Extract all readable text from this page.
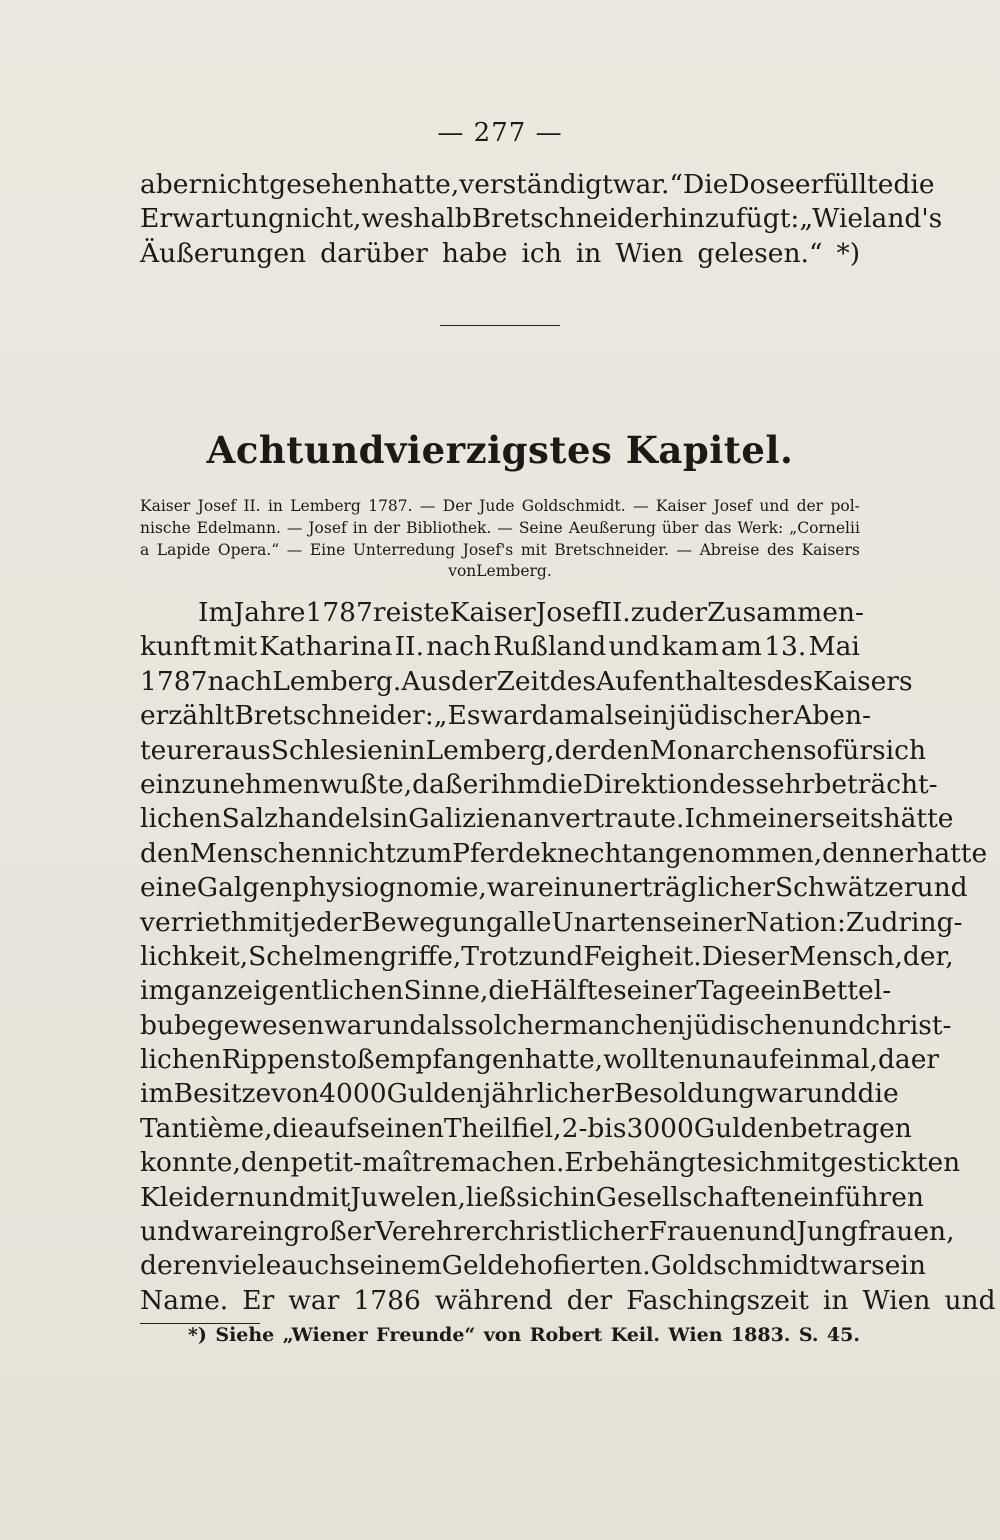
— 277 —
aber nicht gesehen hatte, verständigt war.“ Die Dose erfüllte die
Erwartung nicht, weshalb Bretschneider hinzufügt: „Wieland's
Äußerungen darüber habe ich in Wien gelesen.“ *)
Achtundvierzigstes Kapitel.
Kaiser Josef II. in Lemberg 1787. — Der Jude Goldschmidt. — Kaiser Josef und der pol-
nische Edelmann. — Josef in der Bibliothek. — Seine Aeußerung über das Werk: „Cornelii
a Lapide Opera.“ — Eine Unterredung Josef's mit Bretschneider. — Abreise des Kaisers
von Lemberg.
Im Jahre 1787 reiste Kaiser Josef II. zu der Zusammen-
kunft mit Katharina II. nach Rußland und kam am 13. Mai
1787 nach Lemberg. Aus der Zeit des Aufenthaltes des Kaisers
erzählt Bretschneider: „Es war damals ein jüdischer Aben-
teurer aus Schlesien in Lemberg, der den Monarchen so für sich
einzunehmen wußte, daß er ihm die Direktion des sehr beträcht-
lichen Salzhandels in Galizien anvertraute. Ich meinerseits hätte
den Menschen nicht zum Pferdeknecht angenommen, denn er hatte
eine Galgenphysiognomie, war ein unerträglicher Schwätzer und
verrieth mit jeder Bewegung alle Unarten seiner Nation: Zudring-
lichkeit, Schelmengriffe, Trotz und Feigheit. Dieser Mensch, der,
im ganz eigentlichen Sinne, die Hälfte seiner Tage ein Bettel-
bube gewesen war und als solcher manchen jüdischen und christ-
lichen Rippenstoß empfangen hatte, wollte nun auf einmal, da er
im Besitze von 4000 Gulden jährlicher Besoldung war und die
Tantième, die auf seinen Theil fiel, 2- bis 3000 Gulden betragen
konnte, den petit-maître machen. Er behängte sich mit gestickten
Kleidern und mit Juwelen, ließ sich in Gesellschaften einführen
und war ein großer Verehrer christlicher Frauen und Jungfrauen,
deren viele auch seinem Gelde hofierten. Goldschmidt war sein
Name. Er war 1786 während der Faschingszeit in Wien und
*) Siehe „Wiener Freunde“ von Robert Keil. Wien 1883. S. 45.
